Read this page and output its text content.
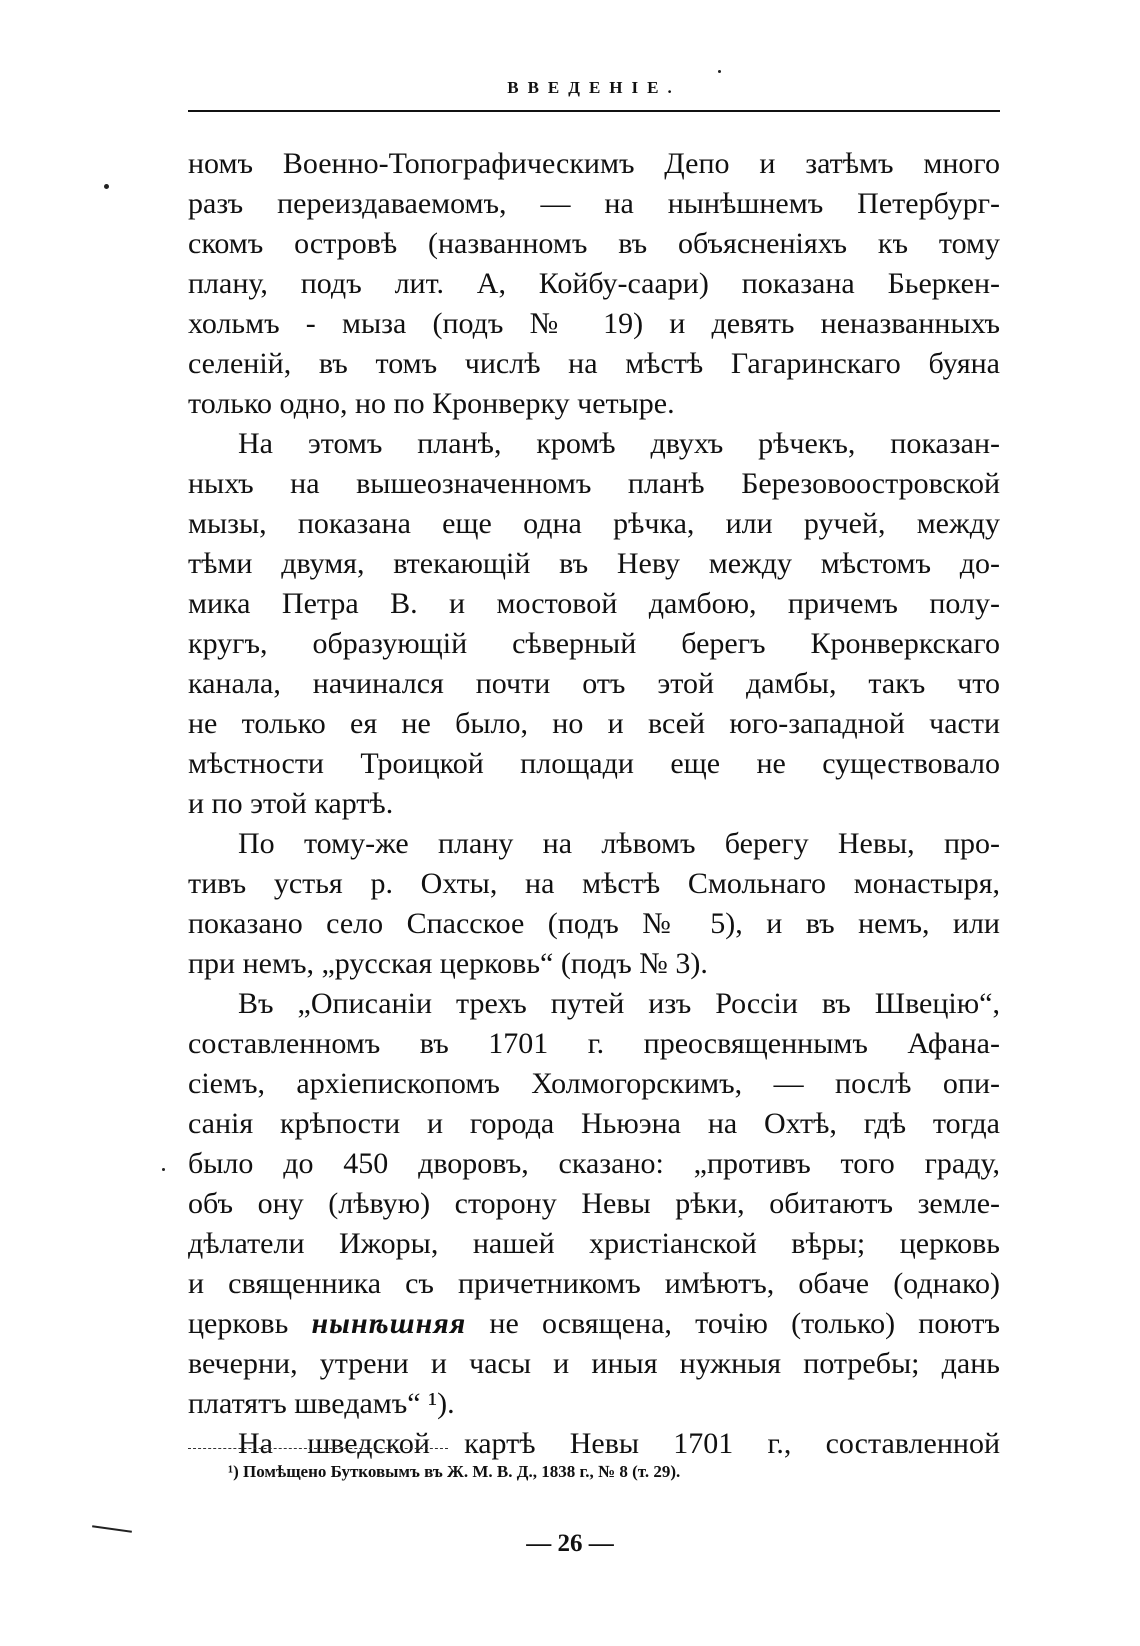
ВВЕДЕНІЕ.
номъ Военно-Топографическимъ Депо и затѣмъ много
разъ переиздаваемомъ, — на нынѣшнемъ Петербург-
скомъ островѣ (названномъ въ объясненіяхъ къ тому
плану, подъ лит. А, Койбу-саари) показана Бьеркен-
хольмъ - мыза (подъ № 19) и девять неназванныхъ
селеній, въ томъ числѣ на мѣстѣ Гагаринскаго буяна
только одно, но по Кронверку четыре.
На этомъ планѣ, кромѣ двухъ рѣчекъ, показан-
ныхъ на вышеозначенномъ планѣ Березовоостровской
мызы, показана еще одна рѣчка, или ручей, между
тѣми двумя, втекающій въ Неву между мѣстомъ до-
мика Петра В. и мостовой дамбою, причемъ полу-
кругъ, образующій сѣверный берегъ Кронверкскаго
канала, начинался почти отъ этой дамбы, такъ что
не только ея не было, но и всей юго-западной части
мѣстности Троицкой площади еще не существовало
и по этой картѣ.
По тому-же плану на лѣвомъ берегу Невы, про-
тивъ устья р. Охты, на мѣстѣ Смольнаго монастыря,
показано село Спасское (подъ № 5), и въ немъ, или
при немъ, „русская церковь“ (подъ № 3).
Въ „Описаніи трехъ путей изъ Россіи въ Швецію“,
составленномъ въ 1701 г. преосвященнымъ Афана-
сіемъ, архіепископомъ Холмогорскимъ, — послѣ опи-
санія крѣпости и города Ньюэна на Охтѣ, гдѣ тогда
было до 450 дворовъ, сказано: „противъ того граду,
объ ону (лѣвую) сторону Невы рѣки, обитаютъ земле-
дѣлатели Ижоры, нашей христіанской вѣры; церковь
и священника съ причетникомъ имѣютъ, обаче (однако)
церковь нынѣшняя не освящена, точію (только) поютъ
вечерни, утрени и часы и иныя нужныя потребы; дань
платятъ шведамъ“ ¹).
На шведской картѣ Невы 1701 г., составленной
¹) Помѣщено Бутковымъ въ Ж. М. В. Д., 1838 г., № 8 (т. 29).
— 26 —
